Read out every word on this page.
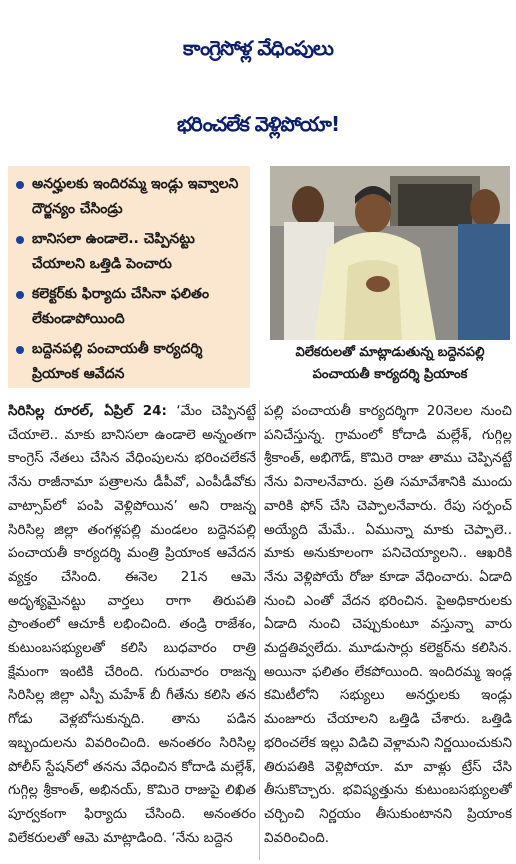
కాంగ్రెసోళ్ల వేధింపులు
భరించలేక వెళ్లిపోయా!
అనర్హులకు ఇందిరమ్మ ఇండ్లు ఇవ్వాలని దౌర్జన్యం చేసిండ్రు
బానిసలా ఉండాలె.. చెప్పినట్టు చేయాలని ఒత్తిడి పెంచారు
కలెక్టర్‌కు ఫిర్యాదు చేసినా ఫలితం లేకుండాపోయింది
బద్దెనపల్లి పంచాయతీ కార్యదర్శి ప్రియాంక ఆవేదన
విలేకరులతో మాట్లాడుతున్న బద్దెనపల్లి పంచాయతీ కార్యదర్శి ప్రియాంక
సిరిసిల్ల రూరల్‌, ఏప్రిల్‌ 24: ‘మేం చెప్పినట్టే చేయాలె.. మాకు బానిసలా ఉండాలె అన్నంతగా కాంగ్రెస్‌ నేతలు చేసిన వేధింపులను భరించలేకనే నేను రాజీనామా పత్రాలను డీపీవో, ఎంపీడీవోకు వాట్సాప్‌లో పంపి వెళ్లిపోయిన’ అని రాజన్న సిరిసిల్ల జిల్లా తంగళ్లపల్లి మండలం బద్దెనపల్లి పంచాయతీ కార్యదర్శి మంత్రి ప్రియాంక ఆవేదన వ్యక్తం చేసింది. ఈనెల 21న ఆమె అదృశ్యమైనట్టు వార్తలు రాగా తిరుపతి ప్రాంతంలో ఆచూకీ లభించింది. తండ్రి రాజేశం, కుటుంబసభ్యులతో కలిసి బుధవారం రాత్రి క్షేమంగా ఇంటికి చేరింది. గురువారం రాజన్న సిరిసిల్ల జిల్లా ఎస్పీ మహేశ్‌ బీ గీతేను కలిసి తన గోడు వెళ్లబోసుకున్నది. తాను పడిన ఇబ్బందులను వివరించింది. అనంతరం సిరిసిల్ల పోలీస్‌ స్టేషన్‌లో తనను వేధించిన కోదాడి మల్లేశ్‌, గుగ్గిల్ల శ్రీకాంత్‌, అభినయ్‌, కొమిరె రాజుపై లిఖిత పూర్వకంగా ఫిర్యాదు చేసింది. అనంతరం విలేకరులతో ఆమె మాట్లాడింది. ‘నేను బద్దెన
పల్లి పంచాయతీ కార్యదర్శిగా 20నెలల నుంచి పనిచేస్తున్న. గ్రామంలో కోదాడి మల్లేశ్‌, గుగ్గిల్ల శ్రీకాంత్‌, అభిగౌడ్‌, కొమిరె రాజు తాము చెప్పినట్టే నేను వినాలనేవారు. ప్రతి సమావేశానికి ముందు వారికి ఫోన్‌ చేసి చెప్పాలనేవారు. రేపు సర్పంచ్‌ అయ్యేది మేమే.. ఏమున్నా మాకు చెప్పాలె.. మాకు అనుకూలంగా పనిచెయ్యాలని.. ఆఖరికి నేను వెళ్లిపోయే రోజు కూడా వేధించారు. ఏడాది నుంచి ఎంతో వేదన భరించిన. పైఅధికారులకు ఏడాది నుంచి చెప్పుకుంటూ వస్తున్నా వారు మద్దతివ్వలేదు. మూడుసార్లు కలెక్టర్‌ను కలిసిన. అయినా ఫలితం లేకపోయింది. ఇందిరమ్మ ఇండ్ల కమిటీలోని సభ్యులు అనర్హులకు ఇండ్లు మంజూరు చేయాలని ఒత్తిడి చేశారు. ఒత్తిడి భరించలేక ఇల్లు విడిచి వెళ్లామని నిర్ణయించుకుని తిరుపతికి వెళ్లిపోయా. మా వాళ్లు ట్రేస్‌ చేసి తీసుకొచ్చారు. భవిష్యత్తును కుటుంబసభ్యులతో చర్చించి నిర్ణయం తీసుకుంటానని ప్రియాంక వివరించింది.
